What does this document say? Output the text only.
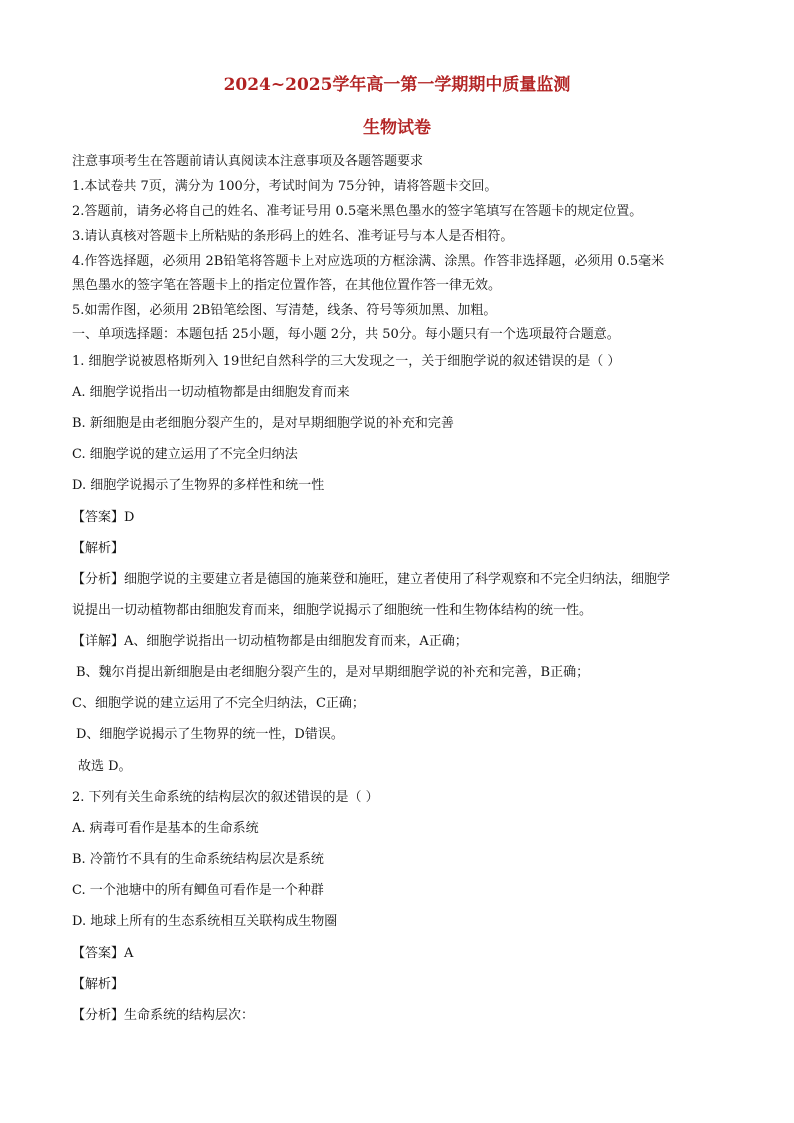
2024~2025学年高一第一学期期中质量监测
生物试卷
注意事项考生在答题前请认真阅读本注意事项及各题答题要求
1.本试卷共 7页，满分为 100分，考试时间为 75分钟，请将答题卡交回。
2.答题前，请务必将自己的姓名、准考证号用 0.5毫米黑色墨水的签字笔填写在答题卡的规定位置。
3.请认真核对答题卡上所粘贴的条形码上的姓名、准考证号与本人是否相符。
4.作答选择题，必须用 2B铅笔将答题卡上对应选项的方框涂满、涂黑。作答非选择题，必须用 0.5毫米
黑色墨水的签字笔在答题卡上的指定位置作答，在其他位置作答一律无效。
5.如需作图，必须用 2B铅笔绘图、写清楚，线条、符号等须加黑、加粗。
一、单项选择题：本题包括 25小题，每小题 2分，共 50分。每小题只有一个选项最符合题意。
1. 细胞学说被恩格斯列入 19世纪自然科学的三大发现之一，关于细胞学说的叙述错误的是（ ）
A. 细胞学说指出一切动植物都是由细胞发育而来
B. 新细胞是由老细胞分裂产生的，是对早期细胞学说的补充和完善
C. 细胞学说的建立运用了不完全归纳法
D. 细胞学说揭示了生物界的多样性和统一性
【答案】D
【解析】
【分析】细胞学说的主要建立者是德国的施莱登和施旺，建立者使用了科学观察和不完全归纳法，细胞学
说提出一切动植物都由细胞发育而来，细胞学说揭示了细胞统一性和生物体结构的统一性。
【详解】A、细胞学说指出一切动植物都是由细胞发育而来，A正确；
B、魏尔肖提出新细胞是由老细胞分裂产生的，是对早期细胞学说的补充和完善，B正确；
C、细胞学说的建立运用了不完全归纳法，C正确；
D、细胞学说揭示了生物界的统一性，D错误。
故选 D。
2. 下列有关生命系统的结构层次的叙述错误的是（ ）
A. 病毒可看作是基本的生命系统
B. 冷箭竹不具有的生命系统结构层次是系统
C. 一个池塘中的所有鲫鱼可看作是一个种群
D. 地球上所有的生态系统相互关联构成生物圈
【答案】A
【解析】
【分析】生命系统的结构层次：
